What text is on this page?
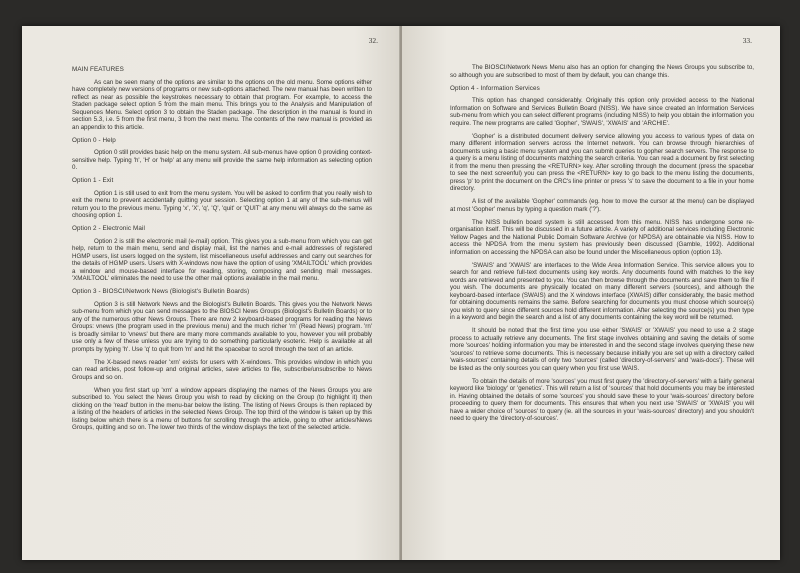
32.
MAIN FEATURES

As can be seen many of the options are similar to the options on the old menu. Some options either have completely new versions of programs or new sub-options attached. The new manual has been written to reflect as near as possible the keystrokes necessary to obtain that program. For example, to access the Staden package select option 5 from the main menu. This brings you to the Analysis and Manipulation of Sequences Menu. Select option 3 to obtain the Staden package. The description in the manual is found in section 5.3, i.e. 5 from the first menu, 3 from the next menu. The contents of the new manual is provided as an appendix to this article.

Option 0 - Help

Option 0 still provides basic help on the menu system. All sub-menus have option 0 providing context-sensitive help. Typing 'h', 'H' or 'help' at any menu will provide the same help information as selecting option 0.

Option 1 - Exit

Option 1 is still used to exit from the menu system. You will be asked to confirm that you really wish to exit the menu to prevent accidentally quitting your session. Selecting option 1 at any of the sub-menus will return you to the previous menu. Typing 'x', 'X', 'q', 'Q', 'quit' or 'QUIT' at any menu will always do the same as choosing option 1.

Option 2 - Electronic Mail

Option 2 is still the electronic mail (e-mail) option. This gives you a sub-menu from which you can get help, return to the main menu, send and display mail, list the names and e-mail addresses of registered HGMP users, list users logged on the system, list miscellaneous useful addresses and carry out searches for the details of HGMP users. Users with X-windows now have the option of using 'XMAILTOOL' which provides a window and mouse-based interface for reading, storing, composing and sending mail messages. 'XMAILTOOL' eliminates the need to use the other mail options available in the mail menu.

Option 3 - BIOSCI/Network News (Biologist's Bulletin Boards)

Option 3 is still Network News and the Biologist's Bulletin Boards. This gives you the Network News sub-menu from which you can send messages to the BIOSCI News Groups (Biologist's Bulletin Boards) or to any of the numerous other News Groups. There are now 2 keyboard-based programs for reading the News Groups: vnews (the program used in the previous menu) and the much richer 'rn' (Read News) program. 'rn' is broadly similar to 'vnews' but there are many more commands available to you, however you will probably use only a few of these unless you are trying to do something particularly esoteric. Help is available at all prompts by typing 'h'. Use 'q' to quit from 'rn' and hit the spacebar to scroll through the text of an article.

The X-based news reader 'xrn' exists for users with X-windows. This provides window in which you can read articles, post follow-up and original articles, save articles to file, subscribe/unsubscribe to News Groups and so on.

When you first start up 'xrn' a window appears displaying the names of the News Groups you are subscribed to. You select the News Group you wish to read by clicking on the Group (to highlight it) then clicking on the 'read' button in the menu-bar below the listing. The listing of News Groups is then replaced by a listing of the headers of articles in the selected News Group. The top third of the window is taken up by this listing below which there is a menu of buttons for scrolling through the article, going to other articles/News Groups, quitting and so on. The lower two thirds of the window displays the text of the selected article.

33.

The BIOSCI/Network News Menu also has an option for changing the News Groups you subscribe to, so although you are subscribed to most of them by default, you can change this.

Option 4 - Information Services

This option has changed considerably. Originally this option only provided access to the National Information on Software and Services Bulletin Board (NISS). We have since created an Information Services sub-menu from which you can select different programs (including NISS) to help you obtain the information you require. The new programs are called 'Gopher', 'SWAIS', 'XWAIS' and 'ARCHIE'.

'Gopher' is a distributed document delivery service allowing you access to various types of data on many different information servers across the Internet network. You can browse through hierarchies of documents using a basic menu system and you can submit queries to gopher search servers. The response to a query is a menu listing of documents matching the search criteria. You can read a document by first selecting it from the menu then pressing the <RETURN> key. After scrolling through the document (press the spacebar to see the next screenful) you can press the <RETURN> key to go back to the menu listing the documents, press 'p' to print the document on the CRC's line printer or press 's' to save the document to a file in your home directory.

A list of the available 'Gopher' commands (eg. how to move the cursor at the menu) can be displayed at most 'Gopher' menus by typing a question mark ('?').

The NISS bulletin board system is still accessed from this menu. NISS has undergone some re-organisation itself. This will be discussed in a future article. A variety of additional services including Electronic Yellow Pages and the National Public Domain Software Archive (or NPDSA) are obtainable via NISS. How to access the NPDSA from the menu system has previously been discussed (Gamble, 1992). Additional information on accessing the NPDSA can also be found under the Miscellaneous option (option 13).

'SWAIS' and 'XWAIS' are interfaces to the Wide Area Information Service. This service allows you to search for and retrieve full-text documents using key words. Any documents found with matches to the key words are retrieved and presented to you. You can then browse through the documents and save them to file if you wish. The documents are physically located on many different servers (sources), and although the keyboard-based interface (SWAIS) and the X windows interface (XWAIS) differ considerably, the basic method for obtaining documents remains the same. Before searching for documents you must choose which source(s) you wish to query since different sources hold different information. After selecting the source(s) you then type in a keyword and begin the search and a list of any documents containing the key word will be returned.

It should be noted that the first time you use either 'SWAIS' or 'XWAIS' you need to use a 2 stage process to actually retrieve any documents. The first stage involves obtaining and saving the details of some more 'sources' holding information you may be interested in and the second stage involves querying these new 'sources' to retrieve some documents. This is necessary because initially you are set up with a directory called 'wais-sources' containing details of only two 'sources' (called 'directory-of-servers' and 'wais-docs'). These will be listed as the only sources you can query when you first use WAIS.

To obtain the details of more 'sources' you must first query the 'directory-of-servers' with a fairly general keyword like 'biology' or 'genetics'. This will return a list of 'sources' that hold documents you may be interested in. Having obtained the details of some 'sources' you should save these to your 'wais-sources' directory before proceeding to query them for documents. This ensures that when you next use 'SWAIS' or 'XWAIS' you will have a wider choice of 'sources' to query (ie. all the sources in your 'wais-sources' directory) and you shouldn't need to query the 'directory-of-sources'.
